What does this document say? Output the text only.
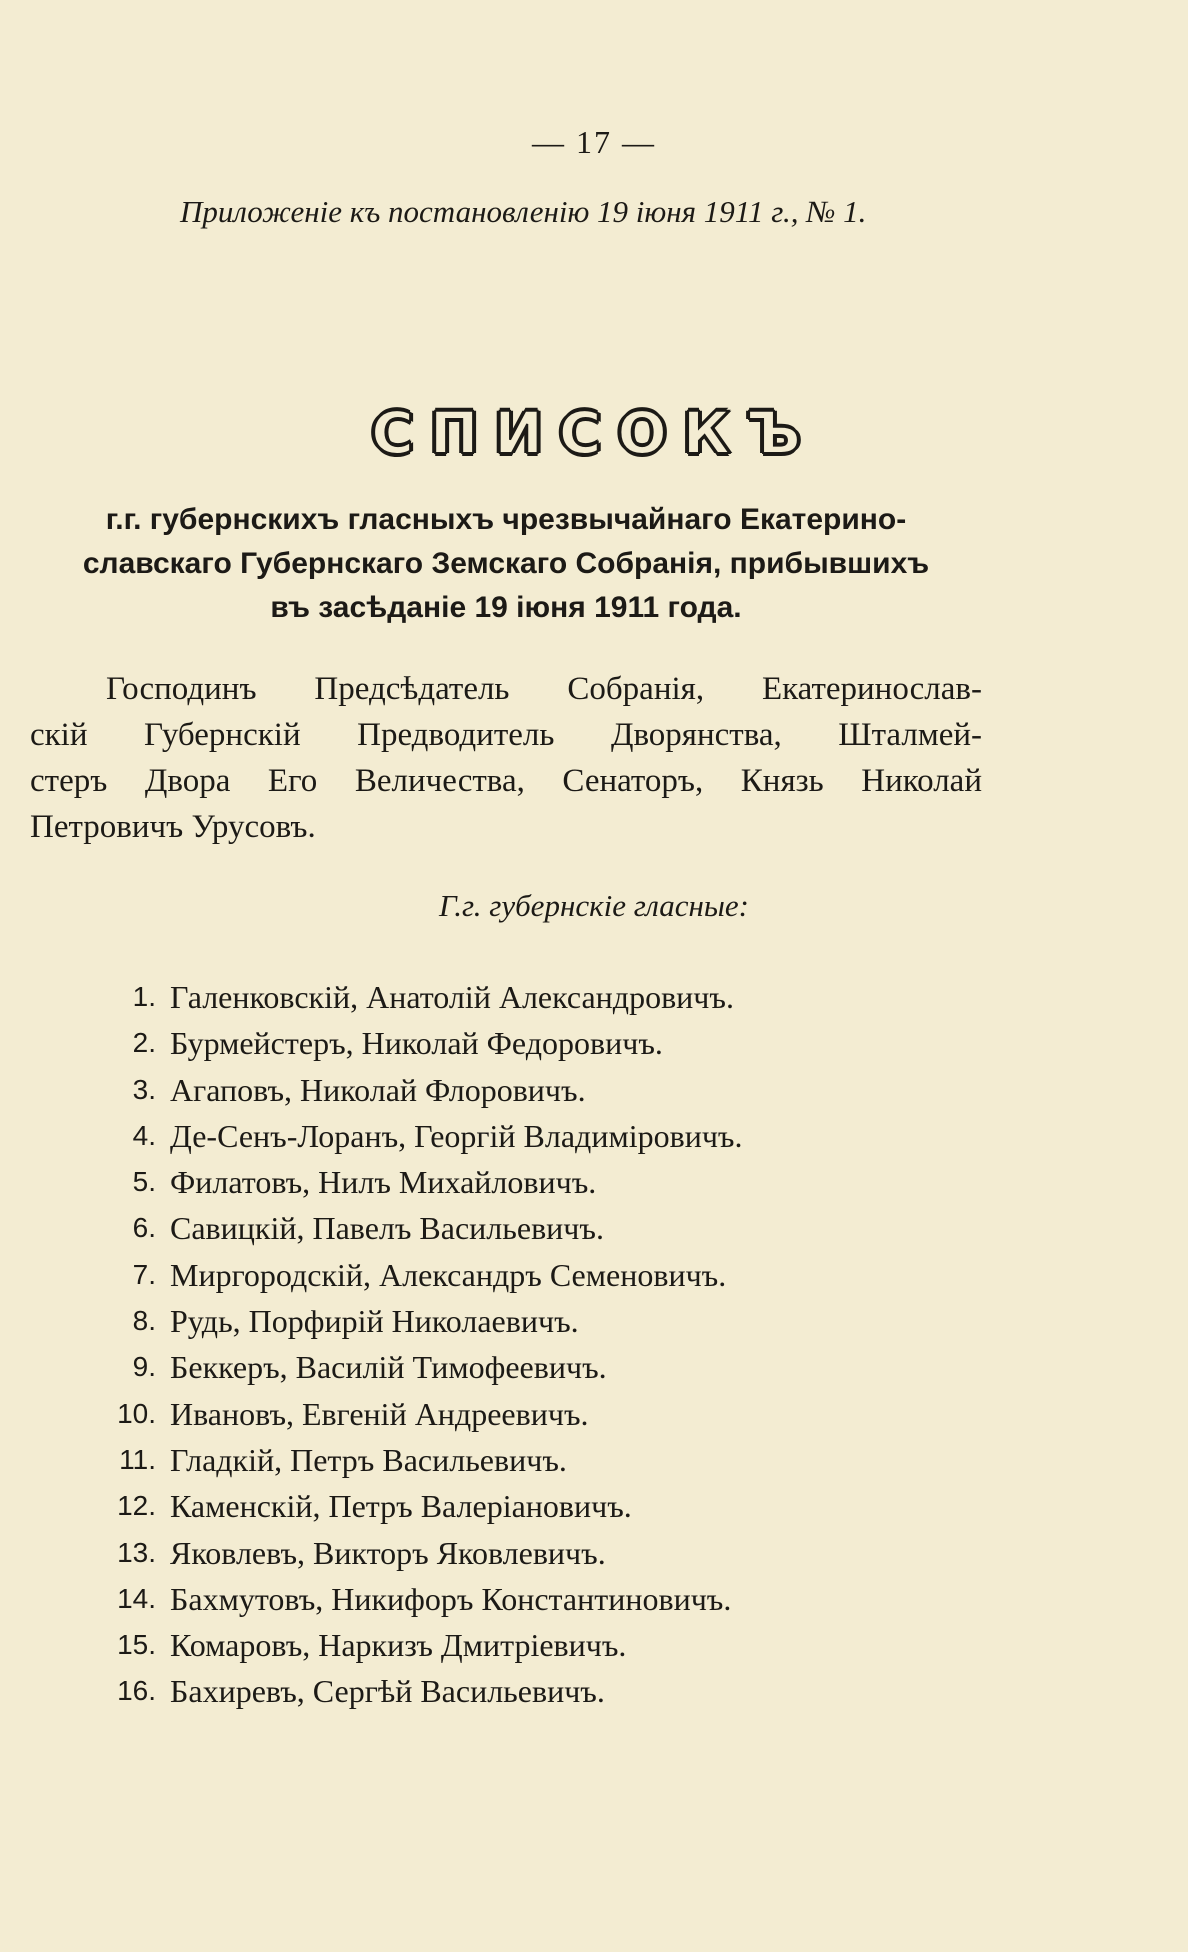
— 17 —
Приложеніе къ постановленію 19 іюня 1911 г., № 1.
СПИСОКЪ
г.г. губернскихъ гласныхъ чрезвычайнаго Екатерино-
славскаго Губернскаго Земскаго Собранія, прибывшихъ
въ засѣданіе 19 іюня 1911 года.
Господинъ Предсѣдатель Собранія, Екатеринослав-
скій Губернскій Предводитель Дворянства, Шталмей-
стеръ Двора Его Величества, Сенаторъ, Князь Николай
Петровичъ Урусовъ.
Г.г. губернскіе гласные:
1. Галенковскій, Анатолій Александровичъ.
2. Бурмейстеръ, Николай Федоровичъ.
3. Агаповъ, Николай Флоровичъ.
4. Де-Сенъ-Лоранъ, Георгій Владиміровичъ.
5. Филатовъ, Нилъ Михайловичъ.
6. Савицкій, Павелъ Васильевичъ.
7. Миргородскій, Александръ Семеновичъ.
8. Рудь, Порфирій Николаевичъ.
9. Беккеръ, Василій Тимофеевичъ.
10. Ивановъ, Евгеній Андреевичъ.
11. Гладкій, Петръ Васильевичъ.
12. Каменскій, Петръ Валеріановичъ.
13. Яковлевъ, Викторъ Яковлевичъ.
14. Бахмутовъ, Никифоръ Константиновичъ.
15. Комаровъ, Наркизъ Дмитріевичъ.
16. Бахиревъ, Сергѣй Васильевичъ.
